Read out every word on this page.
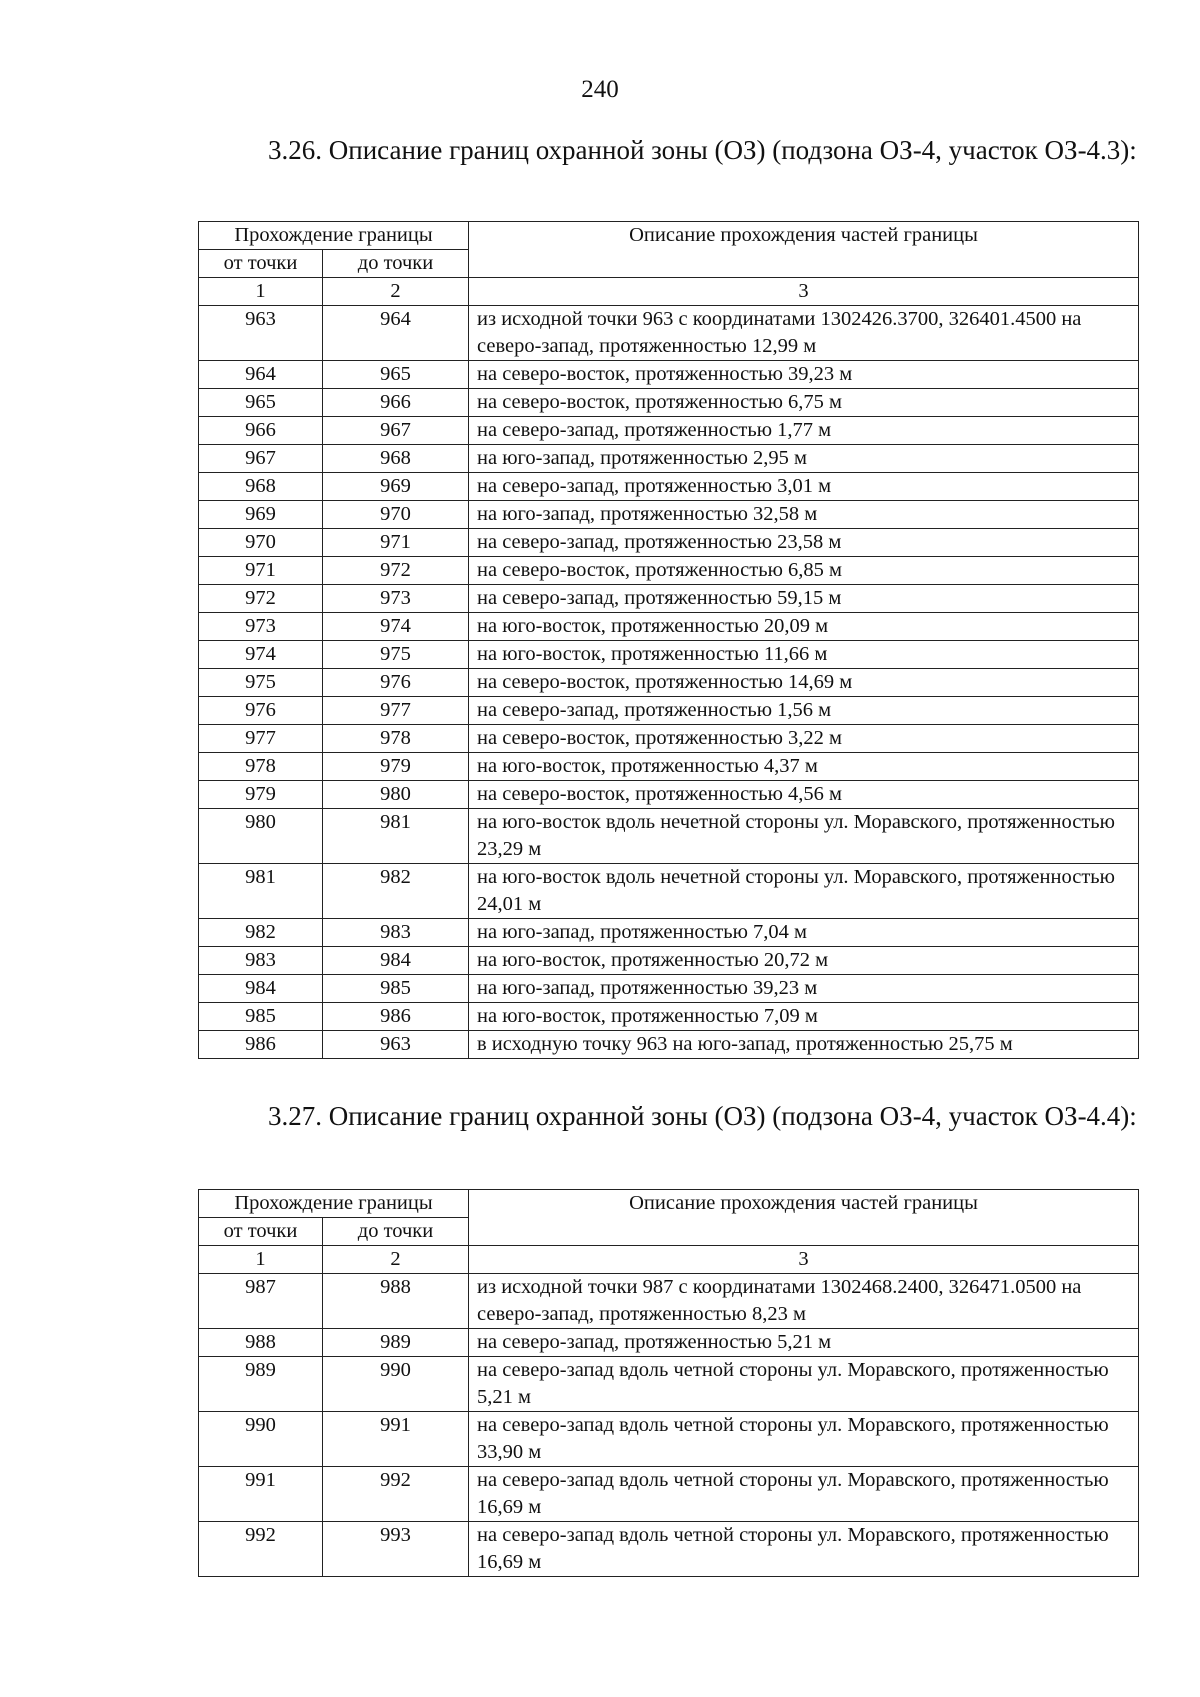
240
3.26. Описание границ охранной зоны (ОЗ) (подзона ОЗ-4, участок ОЗ-4.3):
Прохождение границы		Описание прохождения частей границы
от точки	до точки	
1	2	3
963	964	из исходной точки 963 с координатами 1302426.3700, 326401.4500 на северо-запад, протяженностью 12,99 м
964	965	на северо-восток, протяженностью 39,23 м
965	966	на северо-восток, протяженностью 6,75 м
966	967	на северо-запад, протяженностью 1,77 м
967	968	на юго-запад, протяженностью 2,95 м
968	969	на северо-запад, протяженностью 3,01 м
969	970	на юго-запад, протяженностью 32,58 м
970	971	на северо-запад, протяженностью 23,58 м
971	972	на северо-восток, протяженностью 6,85 м
972	973	на северо-запад, протяженностью 59,15 м
973	974	на юго-восток, протяженностью 20,09 м
974	975	на юго-восток, протяженностью 11,66 м
975	976	на северо-восток, протяженностью 14,69 м
976	977	на северо-запад, протяженностью 1,56 м
977	978	на северо-восток, протяженностью 3,22 м
978	979	на юго-восток, протяженностью 4,37 м
979	980	на северо-восток, протяженностью 4,56 м
980	981	на юго-восток вдоль нечетной стороны ул. Моравского, протяженностью 23,29 м
981	982	на юго-восток вдоль нечетной стороны ул. Моравского, протяженностью 24,01 м
982	983	на юго-запад, протяженностью 7,04 м
983	984	на юго-восток, протяженностью 20,72 м
984	985	на юго-запад, протяженностью 39,23 м
985	986	на юго-восток, протяженностью 7,09 м
986	963	в исходную точку 963 на юго-запад, протяженностью 25,75 м
3.27. Описание границ охранной зоны (ОЗ) (подзона ОЗ-4, участок ОЗ-4.4):
Прохождение границы		Описание прохождения частей границы
от точки	до точки	
1	2	3
987	988	из исходной точки 987 с координатами 1302468.2400, 326471.0500 на северо-запад, протяженностью 8,23 м
988	989	на северо-запад, протяженностью 5,21 м
989	990	на северо-запад вдоль четной стороны ул. Моравского, протяженностью 5,21 м
990	991	на северо-запад вдоль четной стороны ул. Моравского, протяженностью 33,90 м
991	992	на северо-запад вдоль четной стороны ул. Моравского, протяженностью 16,69 м
992	993	на северо-запад вдоль четной стороны ул. Моравского, протяженностью 16,69 м
